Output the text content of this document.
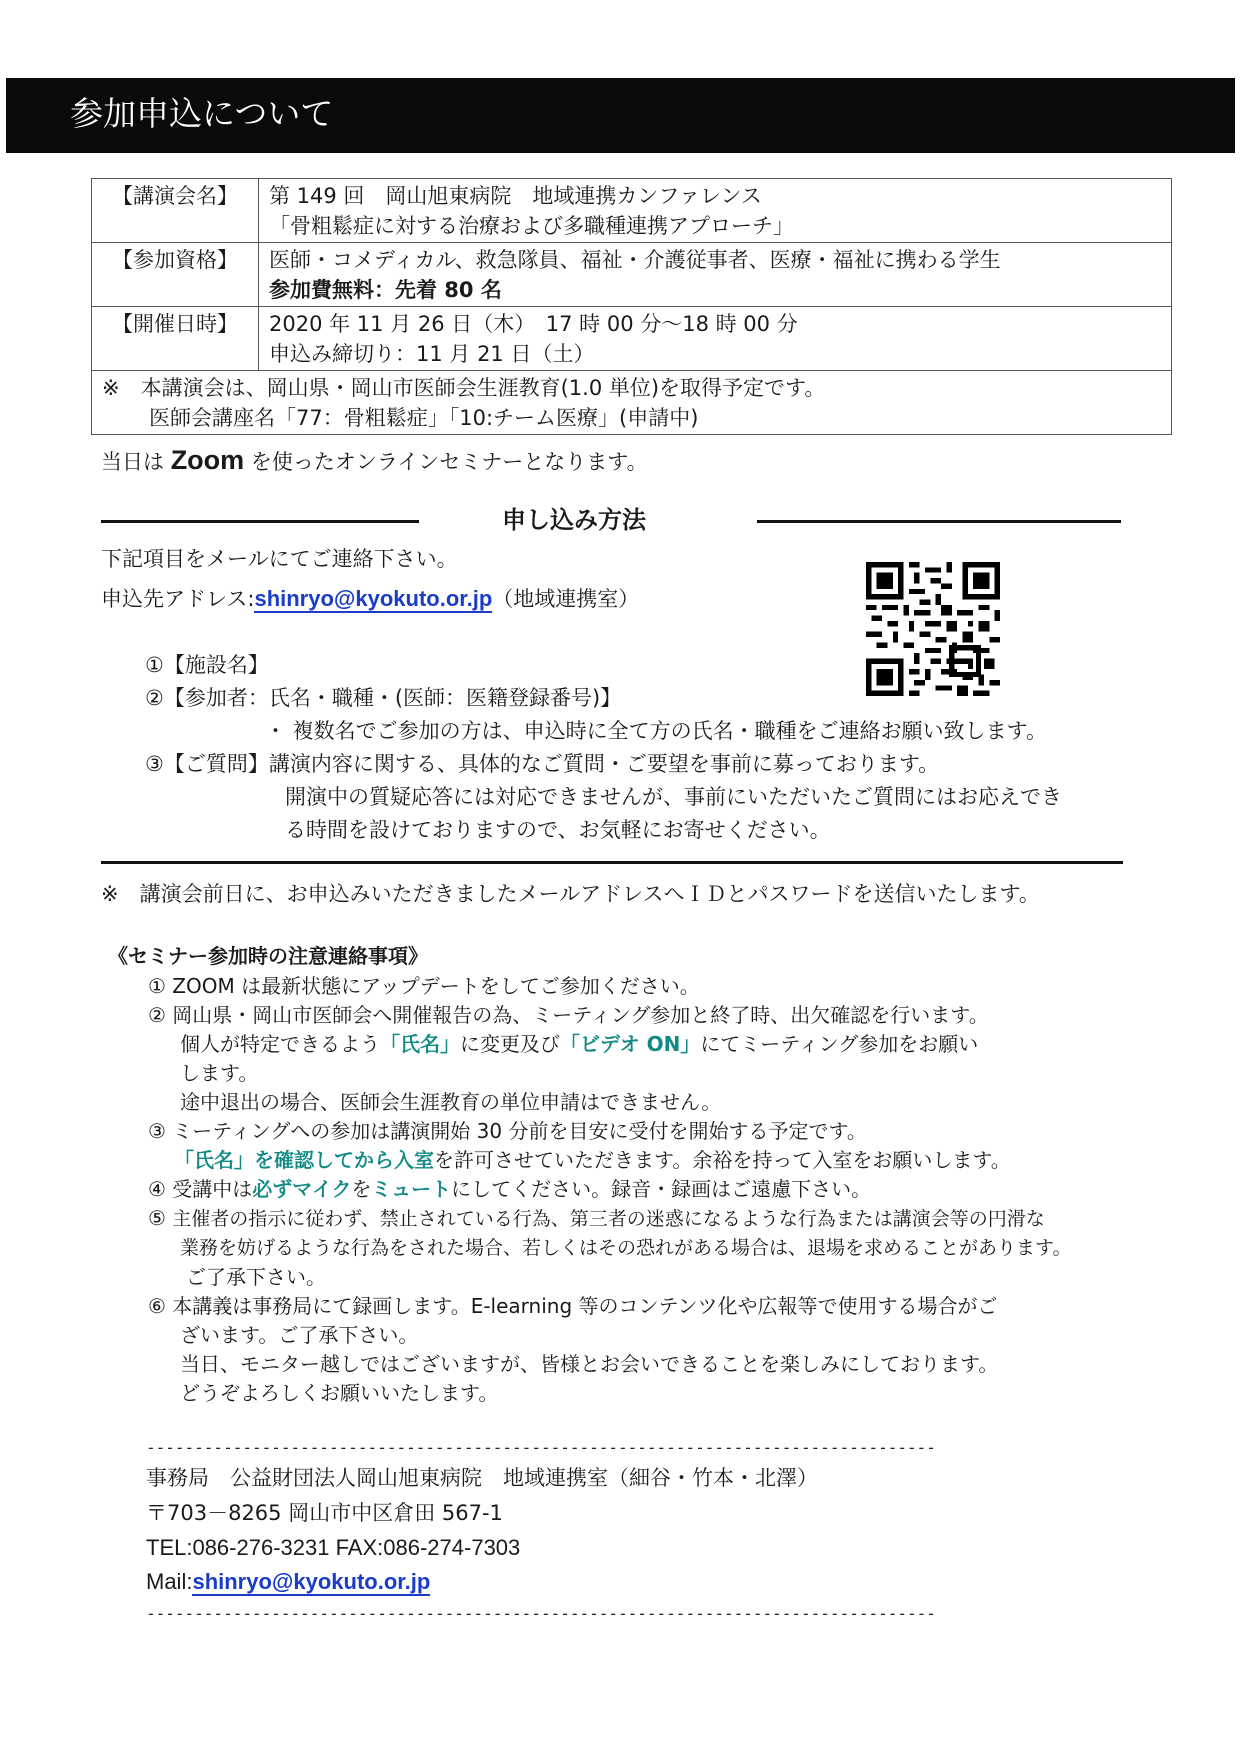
参加申込について
【講演会名】	第 149 回　岡山旭東病院　地域連携カンファレンス
「骨粗鬆症に対する治療および多職種連携アプローチ」

【参加資格】	医師・コメディカル、救急隊員、福祉・介護従事者、医療・福祉に携わる学生
参加費無料：先着 80 名

【開催日時】	2020 年 11 月 26 日（木）　17 時 00 分～18 時 00 分
申込み締切り：11 月 21 日（土）

※　本講演会は、岡山県・岡山市医師会生涯教育(1.0 単位)を取得予定です。
医師会講座名「77：骨粗鬆症」「10:チーム医療」(申請中)	
当日は Zoom を使ったオンラインセミナーとなります。
申し込み方法
下記項目をメールにてご連絡下さい。
申込先アドレス:shinryo@kyokuto.or.jp（地域連携室）
①【施設名】
②【参加者：氏名・職種・(医師：医籍登録番号)】
・ 複数名でご参加の方は、申込時に全て方の氏名・職種をご連絡お願い致します。
③【ご質問】講演内容に関する、具体的なご質問・ご要望を事前に募っております。
開演中の質疑応答には対応できませんが、事前にいただいたご質問にはお応えでき
る時間を設けておりますので、お気軽にお寄せください。
※　講演会前日に、お申込みいただきましたメールアドレスへＩＤとパスワードを送信いたします。
《セミナー参加時の注意連絡事項》
① ZOOM は最新状態にアップデートをしてご参加ください。
② 岡山県・岡山市医師会へ開催報告の為、ミーティング参加と終了時、出欠確認を行います。
個人が特定できるよう「氏名」に変更及び「ビデオ ON」にてミーティング参加をお願い
します。
途中退出の場合、医師会生涯教育の単位申請はできません。
③ ミーティングへの参加は講演開始 30 分前を目安に受付を開始する予定です。
「氏名」を確認してから入室を許可させていただきます。余裕を持って入室をお願いします。
④ 受講中は必ずマイクをミュートにしてください。録音・録画はご遠慮下さい。
⑤ 主催者の指示に従わず、禁止されている行為、第三者の迷惑になるような行為または講演会等の円滑な
業務を妨げるような行為をされた場合、若しくはその恐れがある場合は、退場を求めることがあります。
ご了承下さい。
⑥ 本講義は事務局にて録画します。E-learning 等のコンテンツ化や広報等で使用する場合がご
ざいます。ご了承下さい。
当日、モニター越しではございますが、皆様とお会いできることを楽しみにしております。
どうぞよろしくお願いいたします。
----------------------------------------------------------------------------------
事務局　公益財団法人岡山旭東病院　地域連携室（細谷・竹本・北澤）
〒703－8265 岡山市中区倉田 567-1
TEL:086-276-3231 FAX:086-274-7303
Mail:shinryo@kyokuto.or.jp
----------------------------------------------------------------------------------
